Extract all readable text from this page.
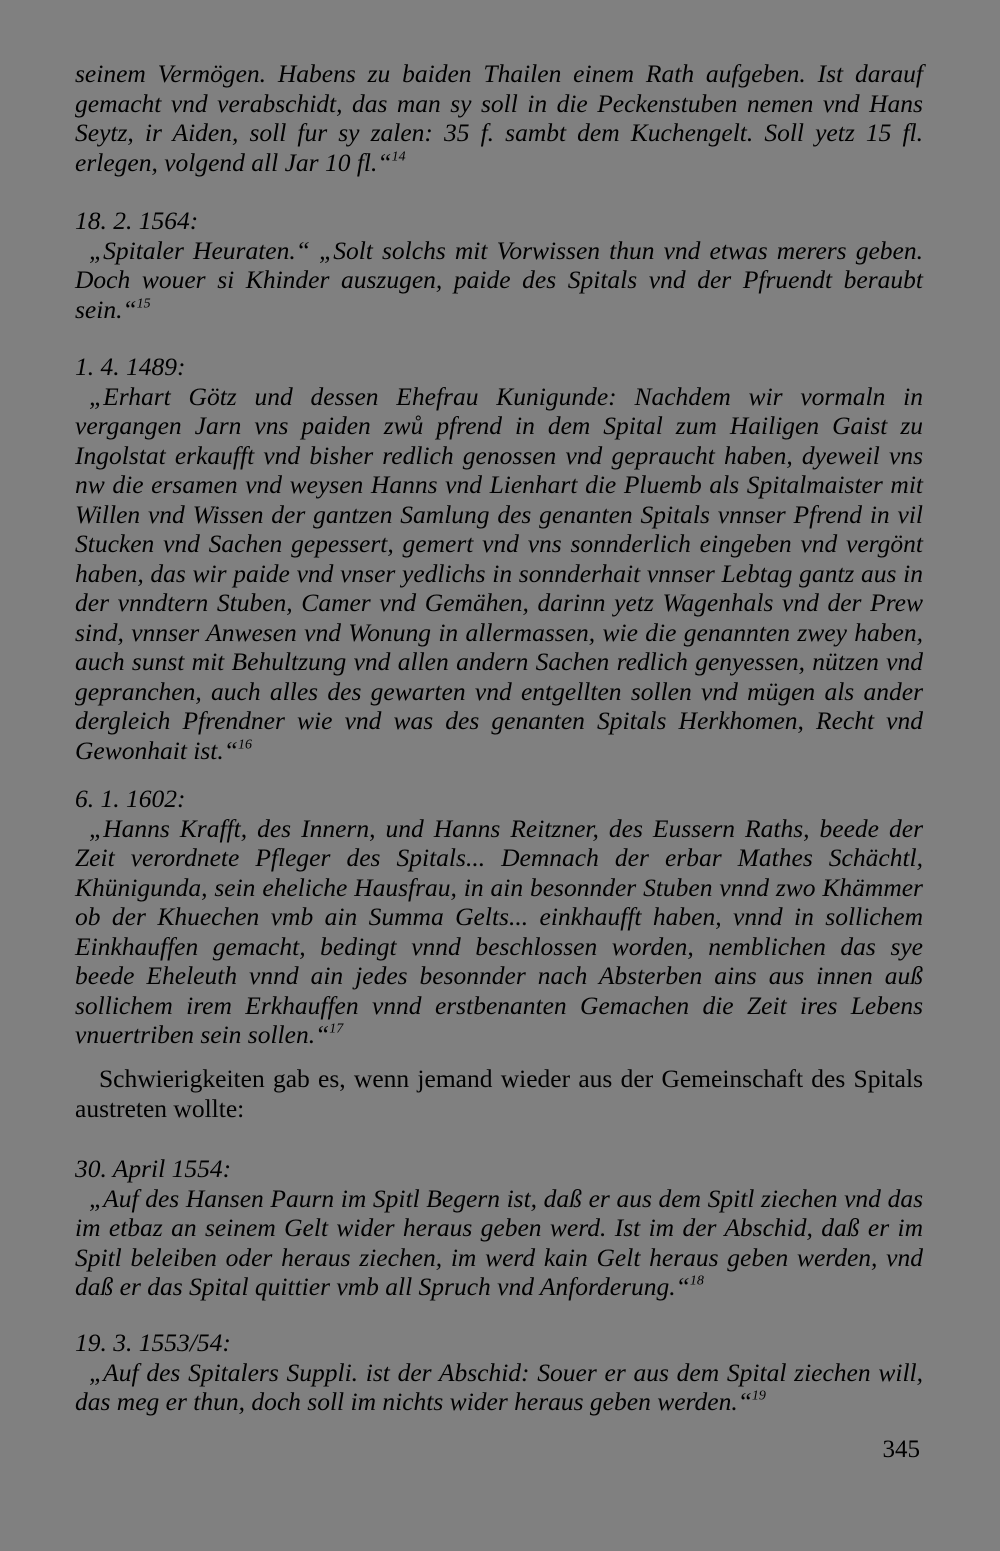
seinem Vermögen. Habens zu baiden Thailen einem Rath aufgeben. Ist darauf gemacht vnd verabschidt, das man sy soll in die Peckenstuben nemen vnd Hans Seytz, ir Aiden, soll fur sy zalen: 35 f. sambt dem Kuchengelt. Soll yetz 15 fl. erlegen, volgend all Jar 10 fl.“$^{14}$

18. 2. 1564:

„Spitaler Heuraten.“ „Solt solchs mit Vorwissen thun vnd etwas merers geben. Doch wouer si Khinder auszugen, paide des Spitals vnd der Pfruendt beraubt sein.“$^{15}$

1. 4. 1489:

„Erhart Götz und dessen Ehefrau Kunigunde: Nachdem wir vormaln in vergangen Jarn vns paiden zwů pfrend in dem Spital zum Hailigen Gaist zu Ingolstat erkaufft vnd bisher redlich genossen vnd gepraucht haben, dyeweil vns nw die ersamen vnd weysen Hanns vnd Lienhart die Pluemb als Spitalmaister mit Willen vnd Wissen der gantzen Samlung des genanten Spitals vnnser Pfrend in vil Stucken vnd Sachen gepessert, gemert vnd vns sonnderlich eingeben vnd vergönt haben, das wir paide vnd vnser yedlichs in sonnderhait vnnser Lebtag gantz aus in der vnndtern Stuben, Camer vnd Gemähen, darinn yetz Wagenhals vnd der Prew sind, vnnser Anwesen vnd Wonung in allermassen, wie die genannten zwey haben, auch sunst mit Behultzung vnd allen andern Sachen redlich genyessen, nützen vnd gepranchen, auch alles des gewarten vnd entgellten sollen vnd mügen als ander dergleich Pfrendner wie vnd was des genanten Spitals Herkhomen, Recht vnd Gewonhait ist.“$^{16}$

6. 1. 1602:

„Hanns Krafft, des Innern, und Hanns Reitzner, des Eussern Raths, beede der Zeit verordnete Pfleger des Spitals... Demnach der erbar Mathes Schächtl, Khünigunda, sein eheliche Hausfrau, in ain besonnder Stuben vnnd zwo Khämmer ob der Khuechen vmb ain Summa Gelts... einkhaufft haben, vnnd in sollichem Einkhauffen gemacht, bedingt vnnd beschlossen worden, nemblichen das sye beede Eheleuth vnnd ain jedes besonnder nach Absterben ains aus innen auß sollichem irem Erkhauffen vnnd erstbenanten Gemachen die Zeit ires Lebens vnuertriben sein sollen.“$^{17}$

Schwierigkeiten gab es, wenn jemand wieder aus der Gemeinschaft des Spitals austreten wollte:

30. April 1554:

„Auf des Hansen Paurn im Spitl Begern ist, daß er aus dem Spitl ziechen vnd das im etbaz an seinem Gelt wider heraus geben werd. Ist im der Abschid, daß er im Spitl beleiben oder heraus ziechen, im werd kain Gelt heraus geben werden, vnd daß er das Spital quittier vmb all Spruch vnd Anforderung.“$^{18}$

19. 3. 1553/54:

„Auf des Spitalers Suppli. ist der Abschid: Souer er aus dem Spital ziechen will, das meg er thun, doch soll im nichts wider heraus geben werden.“$^{19}$

345
